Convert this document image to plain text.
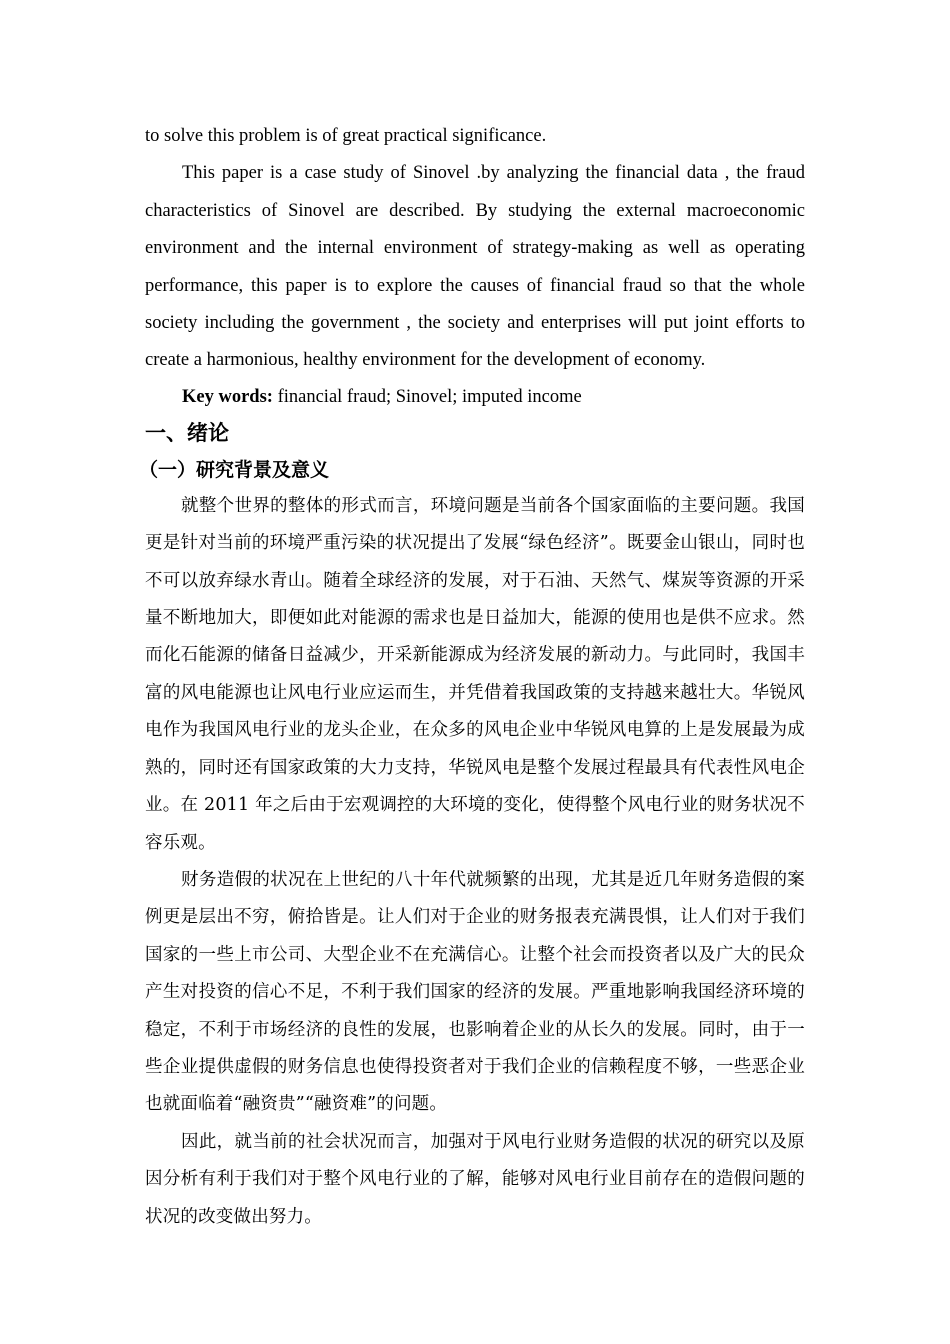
to solve this problem is of great practical significance.

This paper is a case study of Sinovel .by analyzing the financial data , the fraud characteristics of Sinovel are described. By studying the external macroeconomic environment and the internal environment of strategy-making as well as operating performance, this paper is to explore the causes of financial fraud so that the whole society including the government , the society and enterprises will put joint efforts to create a harmonious, healthy environment for the development of economy.

Key words: financial fraud; Sinovel; imputed income

一、绪论
（一）研究背景及意义

就整个世界的整体的形式而言，环境问题是当前各个国家面临的主要问题。我国更是针对当前的环境严重污染的状况提出了发展“绿色经济”。既要金山银山，同时也不可以放弃绿水青山。随着全球经济的发展，对于石油、天然气、煤炭等资源的开采量不断地加大，即便如此对能源的需求也是日益加大，能源的使用也是供不应求。然而化石能源的储备日益减少，开采新能源成为经济发展的新动力。与此同时，我国丰富的风电能源也让风电行业应运而生，并凭借着我国政策的支持越来越壮大。华锐风电作为我国风电行业的龙头企业，在众多的风电企业中华锐风电算的上是发展最为成熟的，同时还有国家政策的大力支持，华锐风电是整个发展过程最具有代表性风电企业。在 2011 年之后由于宏观调控的大环境的变化，使得整个风电行业的财务状况不容乐观。

财务造假的状况在上世纪的八十年代就频繁的出现，尤其是近几年财务造假的案例更是层出不穷，俯拾皆是。让人们对于企业的财务报表充满畏惧，让人们对于我们国家的一些上市公司、大型企业不在充满信心。让整个社会而投资者以及广大的民众产生对投资的信心不足，不利于我们国家的经济的发展。严重地影响我国经济环境的稳定，不利于市场经济的良性的发展，也影响着企业的从长久的发展。同时，由于一些企业提供虚假的财务信息也使得投资者对于我们企业的信赖程度不够，一些恶企业也就面临着“融资贵”“融资难”的问题。

因此，就当前的社会状况而言，加强对于风电行业财务造假的状况的研究以及原因分析有利于我们对于整个风电行业的了解，能够对风电行业目前存在的造假问题的状况的改变做出努力。
